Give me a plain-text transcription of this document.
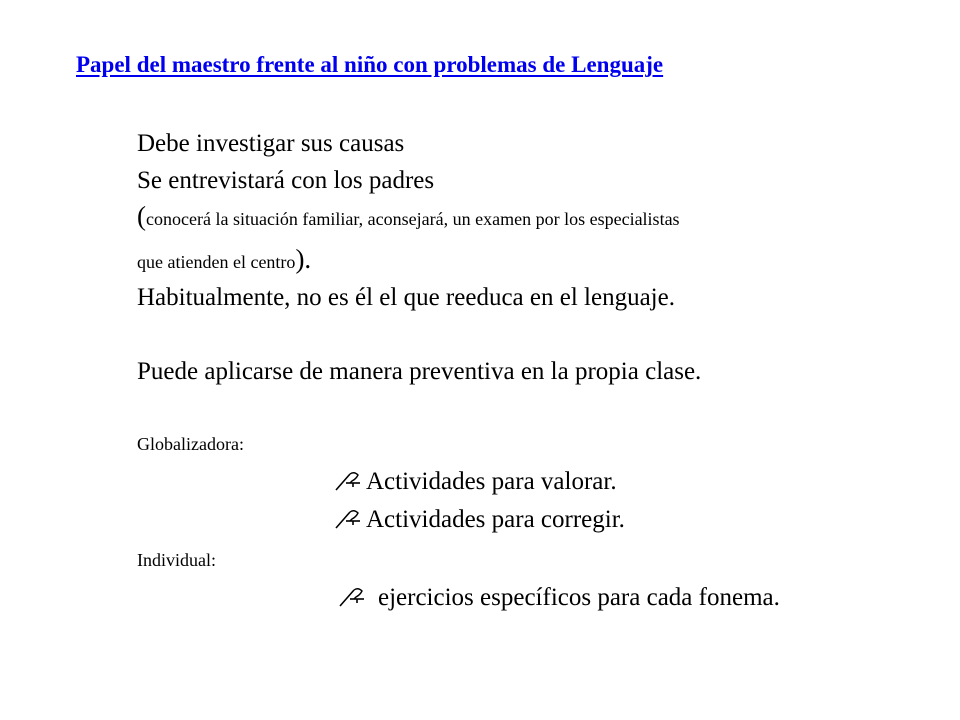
Papel del maestro frente al niño con problemas de Lenguaje
Debe investigar sus causas
Se entrevistará con los padres
(conocerá la situación familiar, aconsejará, un examen por los especialistas
que atienden el centro).
Habitualmente, no es él el que reeduca en el lenguaje.
Puede aplicarse de manera preventiva en la propia clase.
Globalizadora:
Actividades para valorar.
Actividades para corregir.
Individual:
ejercicios específicos para cada fonema.
